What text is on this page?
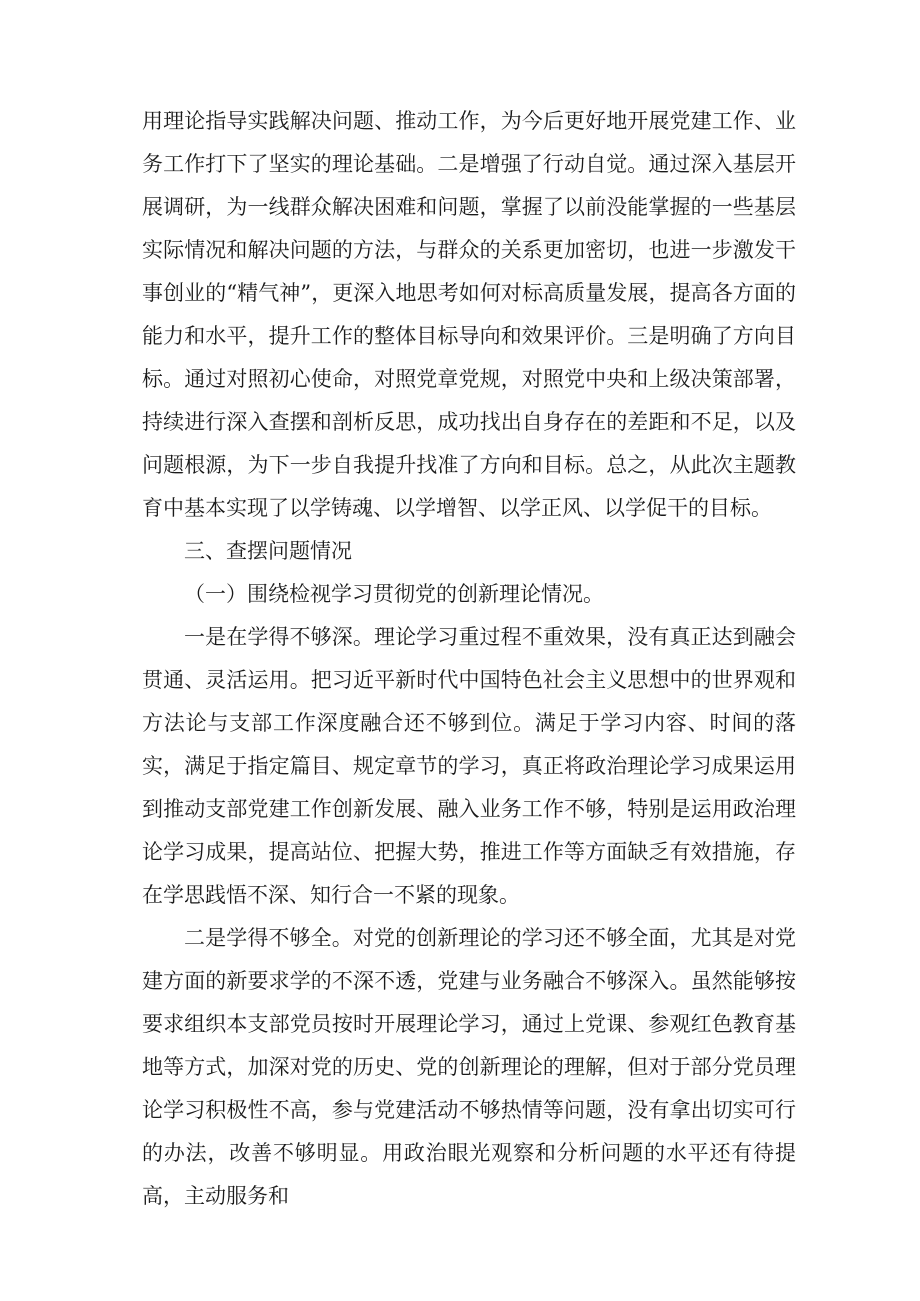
用理论指导实践解决问题、推动工作，为今后更好地开展党建工作、业务工作打下了坚实的理论基础。二是增强了行动自觉。通过深入基层开展调研，为一线群众解决困难和问题，掌握了以前没能掌握的一些基层实际情况和解决问题的方法，与群众的关系更加密切，也进一步激发干事创业的“精气神”，更深入地思考如何对标高质量发展，提高各方面的能力和水平，提升工作的整体目标导向和效果评价。三是明确了方向目标。通过对照初心使命，对照党章党规，对照党中央和上级决策部署，持续进行深入查摆和剖析反思，成功找出自身存在的差距和不足，以及问题根源，为下一步自我提升找准了方向和目标。总之，从此次主题教育中基本实现了以学铸魂、以学增智、以学正风、以学促干的目标。

三、查摆问题情况

（一）围绕检视学习贯彻党的创新理论情况。

一是在学得不够深。理论学习重过程不重效果，没有真正达到融会贯通、灵活运用。把习近平新时代中国特色社会主义思想中的世界观和方法论与支部工作深度融合还不够到位。满足于学习内容、时间的落实，满足于指定篇目、规定章节的学习，真正将政治理论学习成果运用到推动支部党建工作创新发展、融入业务工作不够，特别是运用政治理论学习成果，提高站位、把握大势，推进工作等方面缺乏有效措施，存在学思践悟不深、知行合一不紧的现象。

二是学得不够全。对党的创新理论的学习还不够全面，尤其是对党建方面的新要求学的不深不透，党建与业务融合不够深入。虽然能够按要求组织本支部党员按时开展理论学习，通过上党课、参观红色教育基地等方式，加深对党的历史、党的创新理论的理解，但对于部分党员理论学习积极性不高，参与党建活动不够热情等问题，没有拿出切实可行的办法，改善不够明显。用政治眼光观察和分析问题的水平还有待提高，主动服务和
